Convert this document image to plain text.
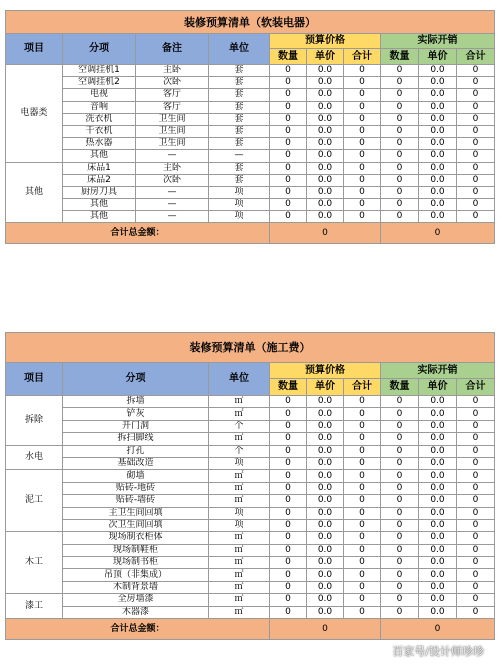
装修预算清单（软装电器）									
项目	分项	备注	单位	预算价格			实际开销		
				数量	单价	合计	数量	单价	合计
电器类	空调挂机1	主卧	套	0	0.0	0	0	0.0	0
	空调挂机2	次卧	套	0	0.0	0	0	0.0	0
	电视	客厅	套	0	0.0	0	0	0.0	0
	音响	客厅	套	0	0.0	0	0	0.0	0
	洗衣机	卫生间	套	0	0.0	0	0	0.0	0
	干衣机	卫生间	套	0	0.0	0	0	0.0	0
	热水器	卫生间	套	0	0.0	0	0	0.0	0
	其他	—	—	0	0.0	0	0	0.0	0
其他	床品1	主卧	套	0	0.0	0	0	0.0	0
	床品2	次卧	套	0	0.0	0	0	0.0	0
	厨房刀具	—	项	0	0.0	0	0	0.0	0
	其他	—	项	0	0.0	0	0	0.0	0
	其他	—	项	0	0.0	0	0	0.0	0
合计总金额：				0			0		
装修预算清单（施工费）								
项目	分项	单位	预算价格			实际开销		
			数量	单价	合计	数量	单价	合计
拆除	拆墙	㎡	0	0.0	0	0	0.0	0
	铲灰	㎡	0	0.0	0	0	0.0	0
	开门洞	个	0	0.0	0	0	0.0	0
	拆扫脚线	㎡	0	0.0	0	0	0.0	0
水电	打孔	个	0	0.0	0	0	0.0	0
	基础改造	项	0	0.0	0	0	0.0	0
泥工	砌墙	㎡	0	0.0	0	0	0.0	0
	贴砖-地砖	㎡	0	0.0	0	0	0.0	0
	贴砖-墙砖	㎡	0	0.0	0	0	0.0	0
	主卫生间回填	项	0	0.0	0	0	0.0	0
	次卫生间回填	项	0	0.0	0	0	0.0	0
木工	现场制衣柜体	㎡	0	0.0	0	0	0.0	0
	现场制鞋柜	㎡	0	0.0	0	0	0.0	0
	现场制书柜	㎡	0	0.0	0	0	0.0	0
	吊顶（非集成）	㎡	0	0.0	0	0	0.0	0
	木制背景墙	㎡	0	0.0	0	0	0.0	0
漆工	全房墙漆	㎡	0	0.0	0	0	0.0	0
	木器漆	㎡	0	0.0	0	0	0.0	0
合计总金额：			0			0		
百家号/设计师珍珍
